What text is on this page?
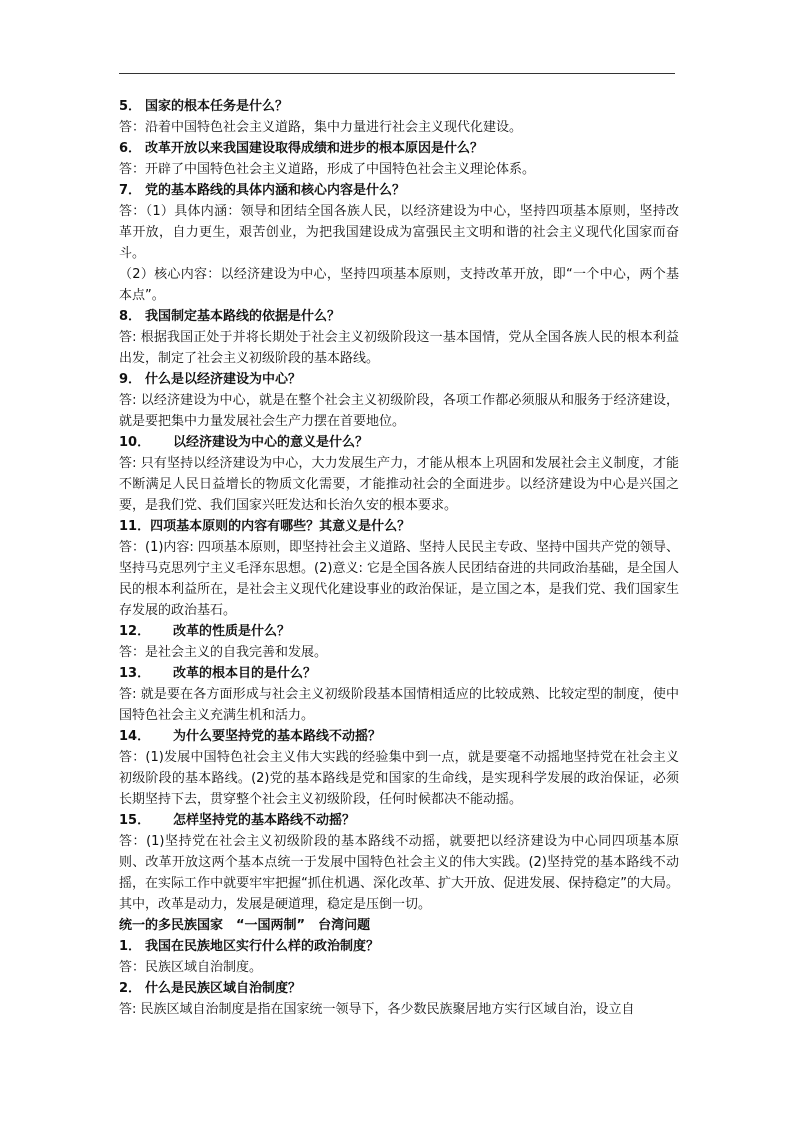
5． 国家的根本任务是什么？

答：沿着中国特色社会主义道路，集中力量进行社会主义现代化建设。

6． 改革开放以来我国建设取得成绩和进步的根本原因是什么？

答：开辟了中国特色社会主义道路，形成了中国特色社会主义理论体系。

7． 党的基本路线的具体内涵和核心内容是什么？

答：（1）具体内涵：领导和团结全国各族人民，以经济建设为中心，坚持四项基本原则，坚持改革开放，自力更生，艰苦创业，为把我国建设成为富强民主文明和谐的社会主义现代化国家而奋斗。

（2）核心内容：以经济建设为中心，坚持四项基本原则，支持改革开放，即“一个中心，两个基本点”。

8． 我国制定基本路线的依据是什么？

答: 根据我国正处于并将长期处于社会主义初级阶段这一基本国情，党从全国各族人民的根本利益出发，制定了社会主义初级阶段的基本路线。

9． 什么是以经济建设为中心？

答: 以经济建设为中心，就是在整个社会主义初级阶段，各项工作都必须服从和服务于经济建设，就是要把集中力量发展社会生产力摆在首要地位。

10． 以经济建设为中心的意义是什么？

答: 只有坚持以经济建设为中心，大力发展生产力，才能从根本上巩固和发展社会主义制度，才能不断满足人民日益增长的物质文化需要，才能推动社会的全面进步。以经济建设为中心是兴国之要，是我们党、我们国家兴旺发达和长治久安的根本要求。

11．四项基本原则的内容有哪些？其意义是什么？

答：(1)内容: 四项基本原则，即坚持社会主义道路、坚持人民民主专政、坚持中国共产党的领导、坚持马克思列宁主义毛泽东思想。(2)意义: 它是全国各族人民团结奋进的共同政治基础，是全国人民的根本利益所在，是社会主义现代化建设事业的政治保证，是立国之本，是我们党、我们国家生存发展的政治基石。

12． 改革的性质是什么？

答：是社会主义的自我完善和发展。

13． 改革的根本目的是什么？

答: 就是要在各方面形成与社会主义初级阶段基本国情相适应的比较成熟、比较定型的制度，使中国特色社会主义充满生机和活力。

14． 为什么要坚持党的基本路线不动摇？

答：(1)发展中国特色社会主义伟大实践的经验集中到一点，就是要毫不动摇地坚持党在社会主义初级阶段的基本路线。(2)党的基本路线是党和国家的生命线，是实现科学发展的政治保证，必须长期坚持下去，贯穿整个社会主义初级阶段，任何时候都决不能动摇。

15． 怎样坚持党的基本路线不动摇？

答：(1)坚持党在社会主义初级阶段的基本路线不动摇，就要把以经济建设为中心同四项基本原则、改革开放这两个基本点统一于发展中国特色社会主义的伟大实践。(2)坚持党的基本路线不动摇，在实际工作中就要牢牢把握“抓住机遇、深化改革、扩大开放、促进发展、保持稳定”的大局。其中，改革是动力，发展是硬道理，稳定是压倒一切。

统一的多民族国家　“一国两制”　台湾问题
1． 我国在民族地区实行什么样的政治制度？

答：民族区域自治制度。

2． 什么是民族区域自治制度？

答: 民族区域自治制度是指在国家统一领导下，各少数民族聚居地方实行区域自治，设立自
